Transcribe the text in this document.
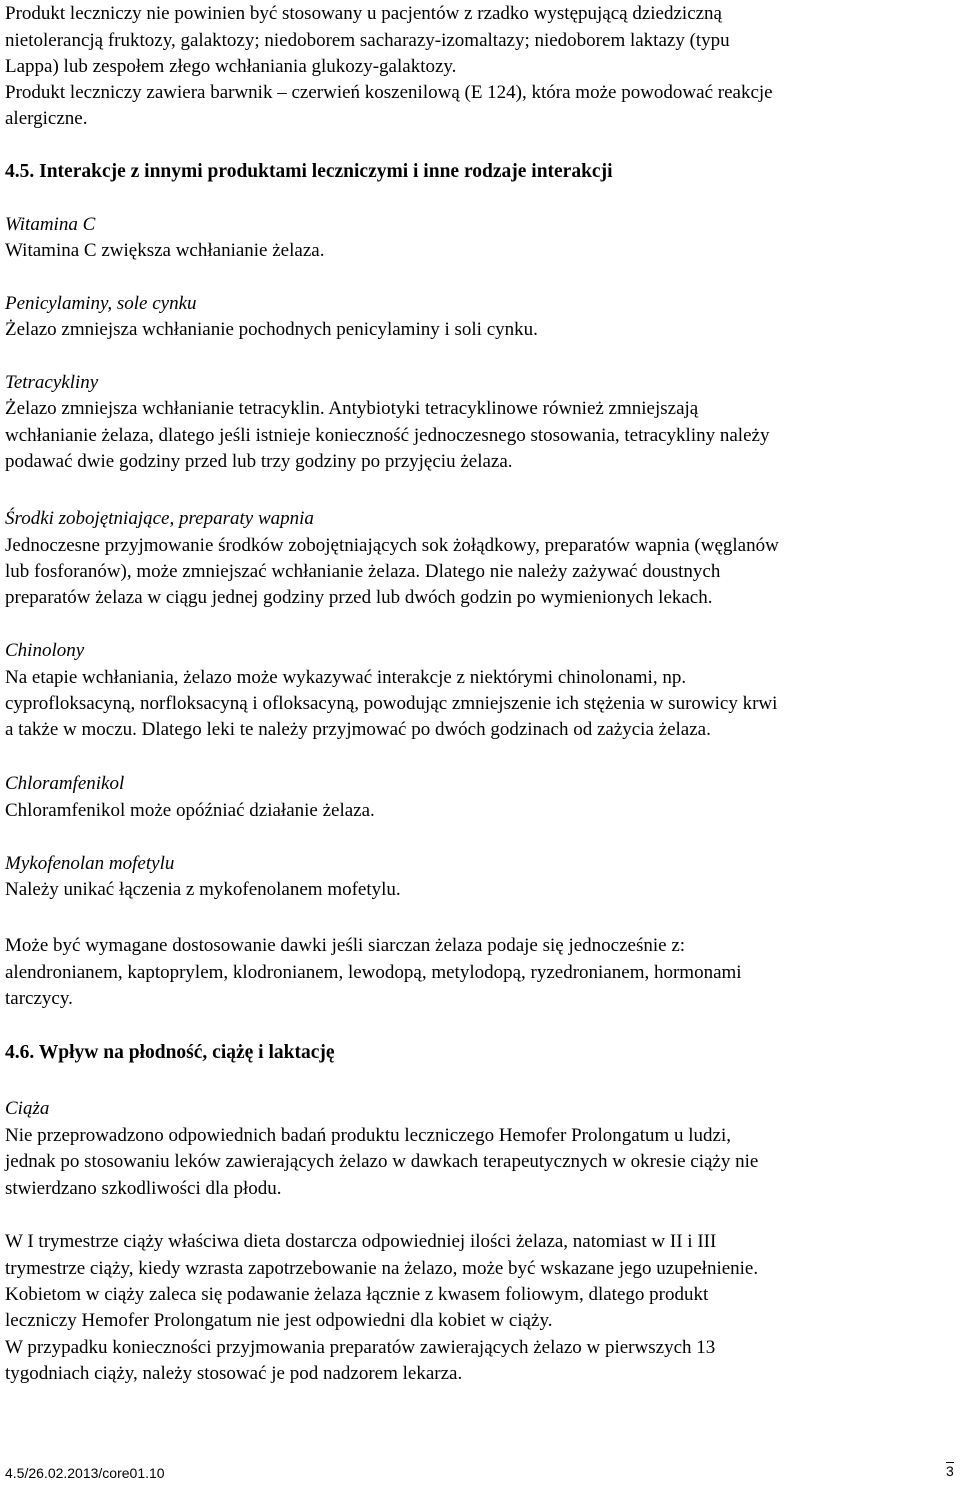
Produkt leczniczy nie powinien być stosowany u pacjentów z rzadko występującą dziedziczną

nietolerancją fruktozy, galaktozy; niedoborem sacharazy-izomaltazy; niedoborem laktazy (typu

Lappa) lub zespołem złego wchłaniania glukozy-galaktozy.

Produkt leczniczy zawiera barwnik – czerwień koszenilową (E 124), która może powodować reakcje

alergiczne.

4.5. Interakcje z innymi produktami leczniczymi i inne rodzaje interakcji

Witamina C

Witamina C zwiększa wchłanianie żelaza.

Penicylaminy, sole cynku

Żelazo zmniejsza wchłanianie pochodnych penicylaminy i soli cynku.

Tetracykliny

Żelazo zmniejsza wchłanianie tetracyklin. Antybiotyki tetracyklinowe również zmniejszają

wchłanianie żelaza, dlatego jeśli istnieje konieczność jednoczesnego stosowania, tetracykliny należy

podawać dwie godziny przed lub trzy godziny po przyjęciu żelaza.

Środki zobojętniające, preparaty wapnia

Jednoczesne przyjmowanie środków zobojętniających sok żołądkowy, preparatów wapnia (węglanów

lub fosforanów), może zmniejszać wchłanianie żelaza. Dlatego nie należy zażywać doustnych

preparatów żelaza w ciągu jednej godziny przed lub dwóch godzin po wymienionych lekach.

Chinolony

Na etapie wchłaniania, żelazo może wykazywać interakcje z niektórymi chinolonami, np.

cyprofloksacyną, norfloksacyną i ofloksacyną, powodując zmniejszenie ich stężenia w surowicy krwi

a także w moczu. Dlatego leki te należy przyjmować po dwóch godzinach od zażycia żelaza.

Chloramfenikol

Chloramfenikol może opóźniać działanie żelaza.

Mykofenolan mofetylu

Należy unikać łączenia z mykofenolanem mofetylu.

Może być wymagane dostosowanie dawki jeśli siarczan żelaza podaje się jednocześnie z:

alendronianem, kaptoprylem, klodronianem, lewodopą, metylodopą, ryzedronianem, hormonami

tarczycy.

4.6. Wpływ na płodność, ciążę i laktację

Ciąża

Nie przeprowadzono odpowiednich badań produktu leczniczego Hemofer Prolongatum u ludzi,

jednak po stosowaniu leków zawierających żelazo w dawkach terapeutycznych w okresie ciąży nie

stwierdzano szkodliwości dla płodu.

W I trymestrze ciąży właściwa dieta dostarcza odpowiedniej ilości żelaza, natomiast w II i III

trymestrze ciąży, kiedy wzrasta zapotrzebowanie na żelazo, może być wskazane jego uzupełnienie.

Kobietom w ciąży zaleca się podawanie żelaza łącznie z kwasem foliowym, dlatego produkt

leczniczy Hemofer Prolongatum nie jest odpowiedni dla kobiet w ciąży.

W przypadku konieczności przyjmowania preparatów zawierających żelazo w pierwszych 13

tygodniach ciąży, należy stosować je pod nadzorem lekarza.

4.5/26.02.2013/core01.10	3
